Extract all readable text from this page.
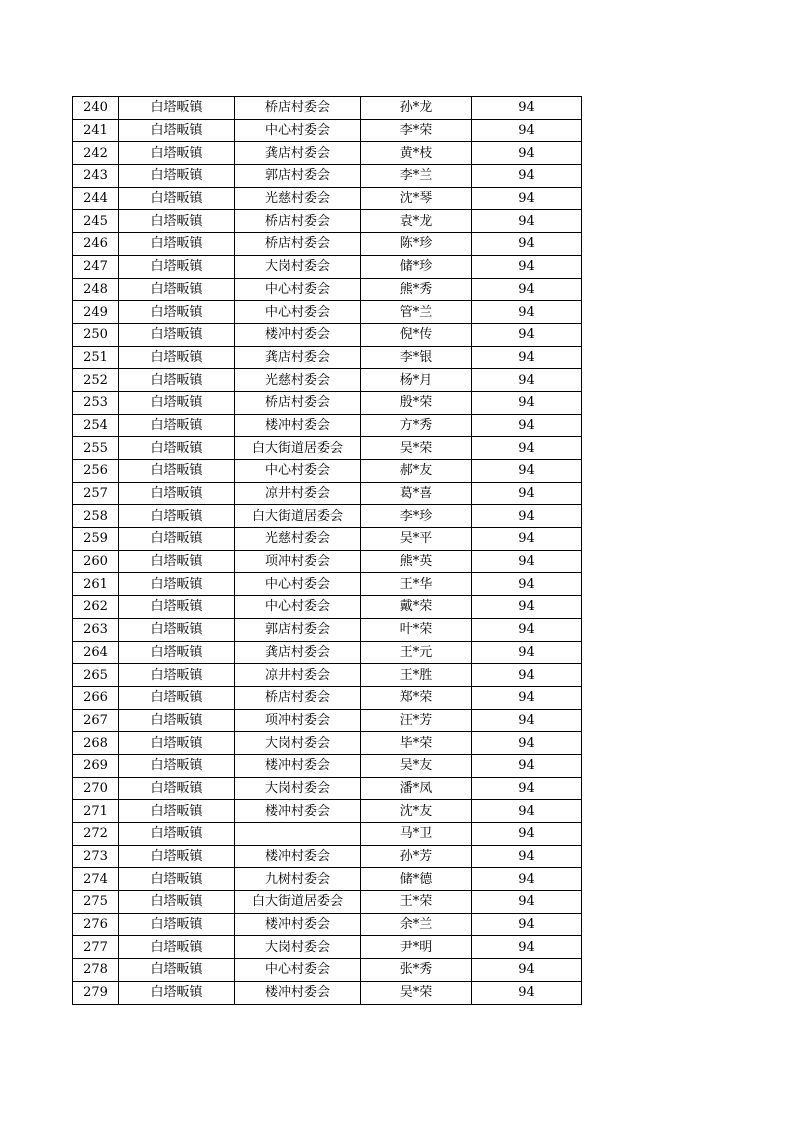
240	白塔畈镇	桥店村委会	孙*龙	94
241	白塔畈镇	中心村委会	李*荣	94
242	白塔畈镇	龚店村委会	黄*枝	94
243	白塔畈镇	郭店村委会	李*兰	94
244	白塔畈镇	光慈村委会	沈*琴	94
245	白塔畈镇	桥店村委会	袁*龙	94
246	白塔畈镇	桥店村委会	陈*珍	94
247	白塔畈镇	大岗村委会	储*珍	94
248	白塔畈镇	中心村委会	熊*秀	94
249	白塔畈镇	中心村委会	管*兰	94
250	白塔畈镇	楼冲村委会	倪*传	94
251	白塔畈镇	龚店村委会	李*银	94
252	白塔畈镇	光慈村委会	杨*月	94
253	白塔畈镇	桥店村委会	殷*荣	94
254	白塔畈镇	楼冲村委会	方*秀	94
255	白塔畈镇	白大街道居委会	吴*荣	94
256	白塔畈镇	中心村委会	郝*友	94
257	白塔畈镇	凉井村委会	葛*喜	94
258	白塔畈镇	白大街道居委会	李*珍	94
259	白塔畈镇	光慈村委会	吴*平	94
260	白塔畈镇	项冲村委会	熊*英	94
261	白塔畈镇	中心村委会	王*华	94
262	白塔畈镇	中心村委会	戴*荣	94
263	白塔畈镇	郭店村委会	叶*荣	94
264	白塔畈镇	龚店村委会	王*元	94
265	白塔畈镇	凉井村委会	王*胜	94
266	白塔畈镇	桥店村委会	郑*荣	94
267	白塔畈镇	项冲村委会	汪*芳	94
268	白塔畈镇	大岗村委会	毕*荣	94
269	白塔畈镇	楼冲村委会	吴*友	94
270	白塔畈镇	大岗村委会	潘*凤	94
271	白塔畈镇	楼冲村委会	沈*友	94
272	白塔畈镇		马*卫	94
273	白塔畈镇	楼冲村委会	孙*芳	94
274	白塔畈镇	九树村委会	储*德	94
275	白塔畈镇	白大街道居委会	王*荣	94
276	白塔畈镇	楼冲村委会	余*兰	94
277	白塔畈镇	大岗村委会	尹*明	94
278	白塔畈镇	中心村委会	张*秀	94
279	白塔畈镇	楼冲村委会	吴*荣	94
